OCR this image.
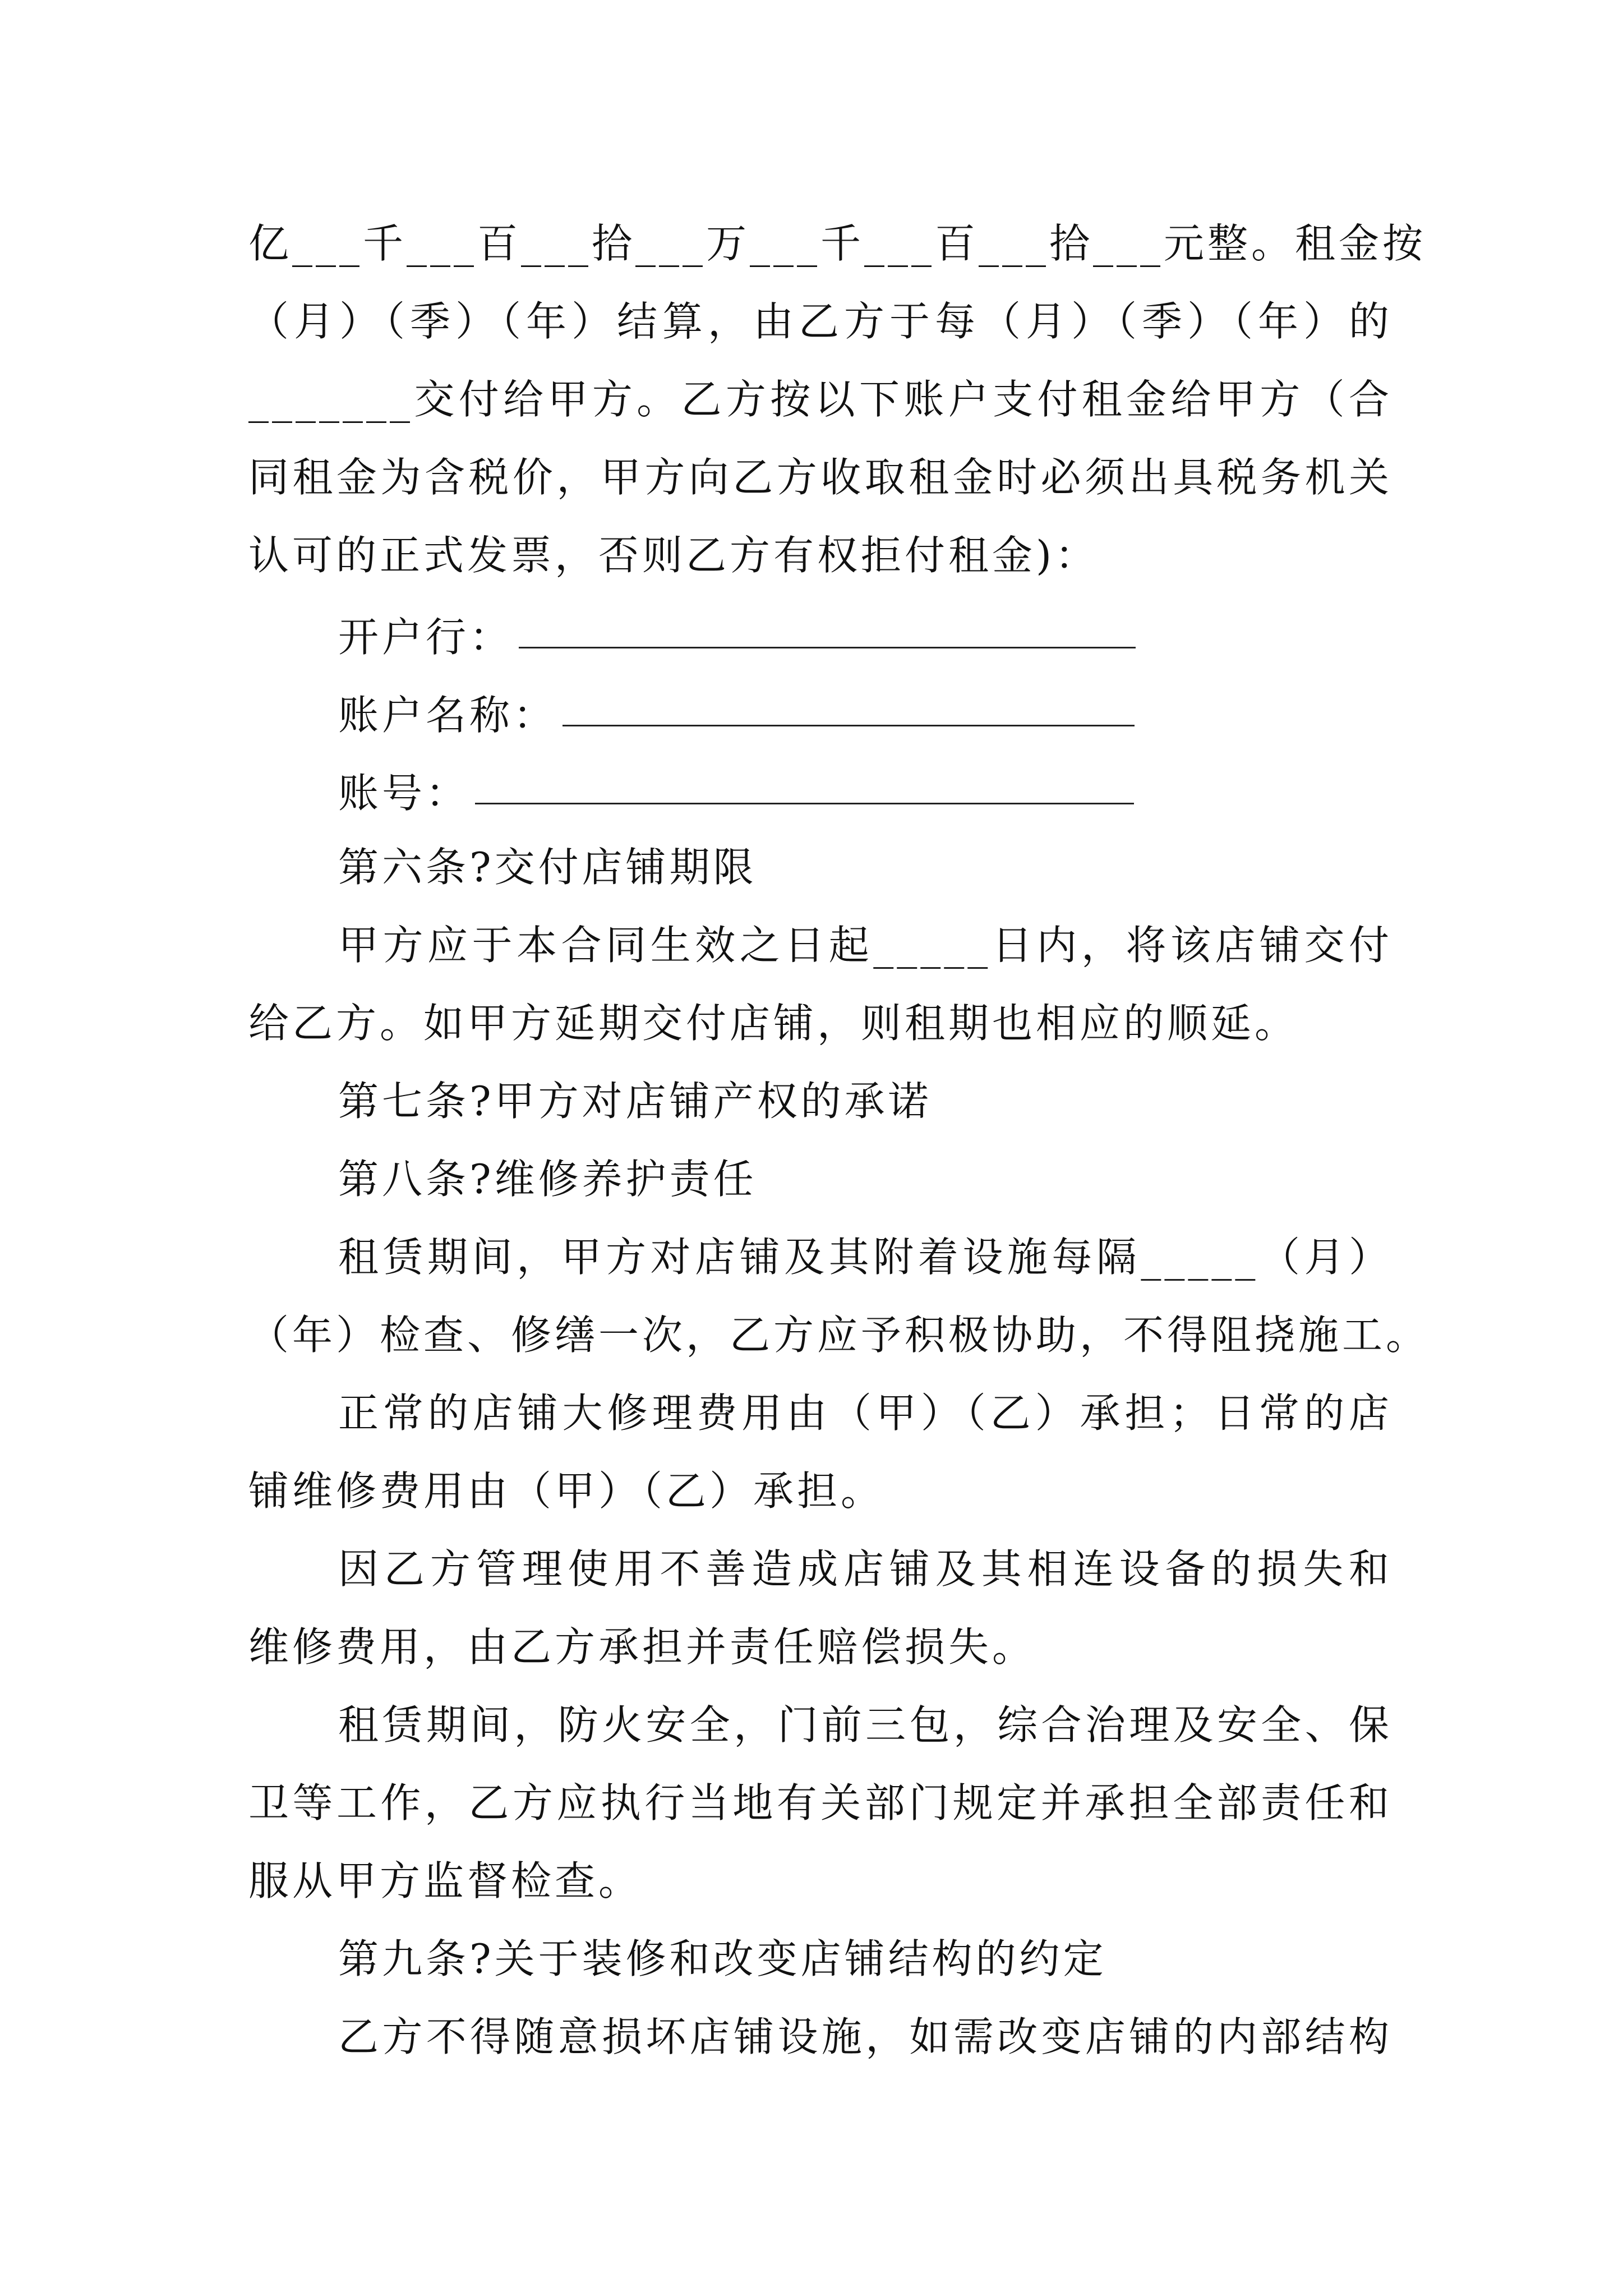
亿___千___百___拾___万___千___百___拾___元整。租金按
（月）（季）（年）结算，由乙方于每（月）（季）（年）的
_______交付给甲方。乙方按以下账户支付租金给甲方（合
同租金为含税价，甲方向乙方收取租金时必须出具税务机关
认可的正式发票，否则乙方有权拒付租金)：
开户行：
账户名称：
账号：
第六条?交付店铺期限
甲方应于本合同生效之日起_____日内，将该店铺交付
给乙方。如甲方延期交付店铺，则租期也相应的顺延。
第七条?甲方对店铺产权的承诺
第八条?维修养护责任
租赁期间，甲方对店铺及其附着设施每隔_____（月）
（年）检查、修缮一次，乙方应予积极协助，不得阻挠施工。
正常的店铺大修理费用由（甲）（乙）承担；日常的店
铺维修费用由（甲）（乙）承担。
因乙方管理使用不善造成店铺及其相连设备的损失和
维修费用，由乙方承担并责任赔偿损失。
租赁期间，防火安全，门前三包，综合治理及安全、保
卫等工作，乙方应执行当地有关部门规定并承担全部责任和
服从甲方监督检查。
第九条?关于装修和改变店铺结构的约定
乙方不得随意损坏店铺设施，如需改变店铺的内部结构
